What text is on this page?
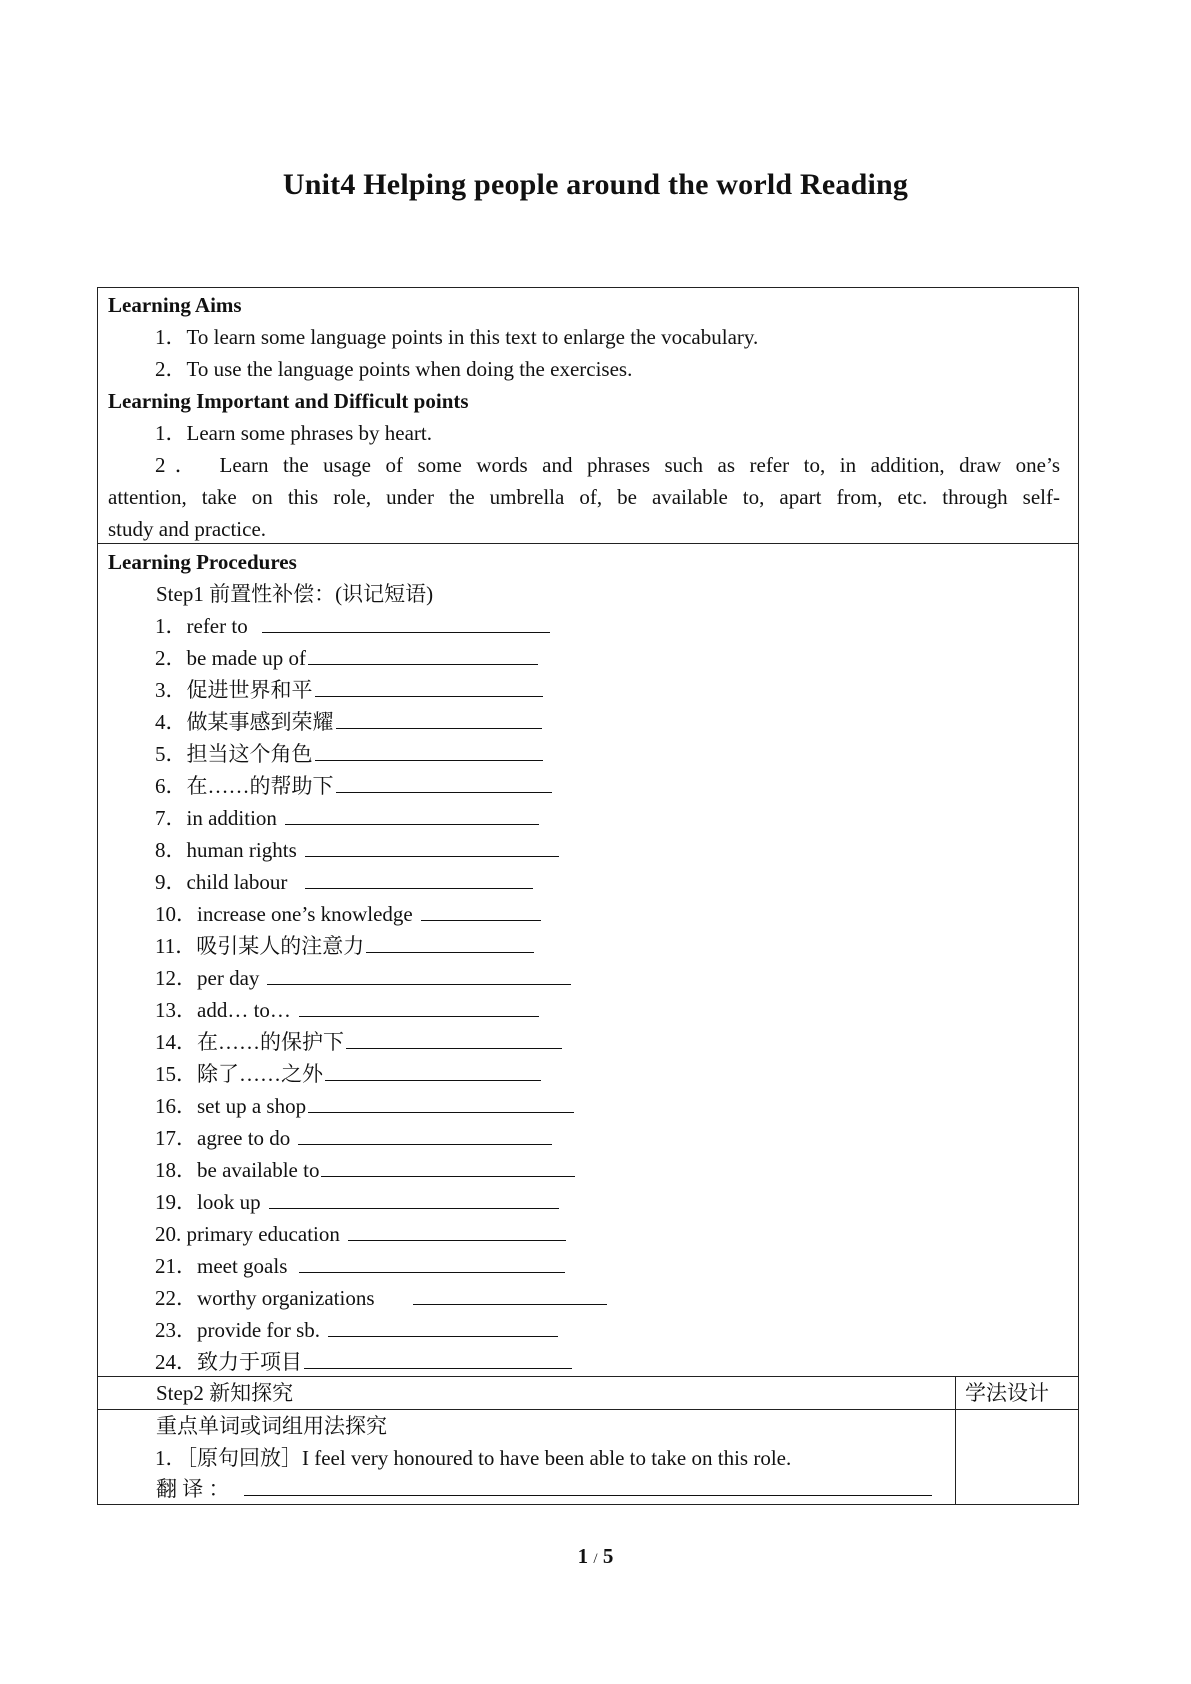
Unit4 Helping people around the world Reading
Learning Aims
1．To learn some language points in this text to enlarge the vocabulary.
2．To use the language points when doing the exercises.
Learning Important and Difficult points
1．Learn some phrases by heart.
2． Learn the usage of some words and phrases such as refer to, in addition, draw one’s
attention, take on this role, under the umbrella of, be available to, apart from, etc. through self-
study and practice.
Learning Procedures
Step1 前置性补偿：(识记短语)
1．refer to
2．be made up of
3．促进世界和平
4．做某事感到荣耀
5．担当这个角色
6．在……的帮助下
7．in addition
8．human rights
9．child labour
10．increase one’s knowledge
11．吸引某人的注意力
12．per day
13．add… to…
14．在……的保护下
15．除了……之外
16．set up a shop
17．agree to do
18．be available to
19．look up
20. primary education
21．meet goals
22．worthy organizations
23．provide for sb.
24．致力于项目
Step2 新知探究	学法设计
重点单词或词组用法探究
1．［原句回放］I feel very honoured to have been able to take on this role.
翻 译 ：
1 / 5
